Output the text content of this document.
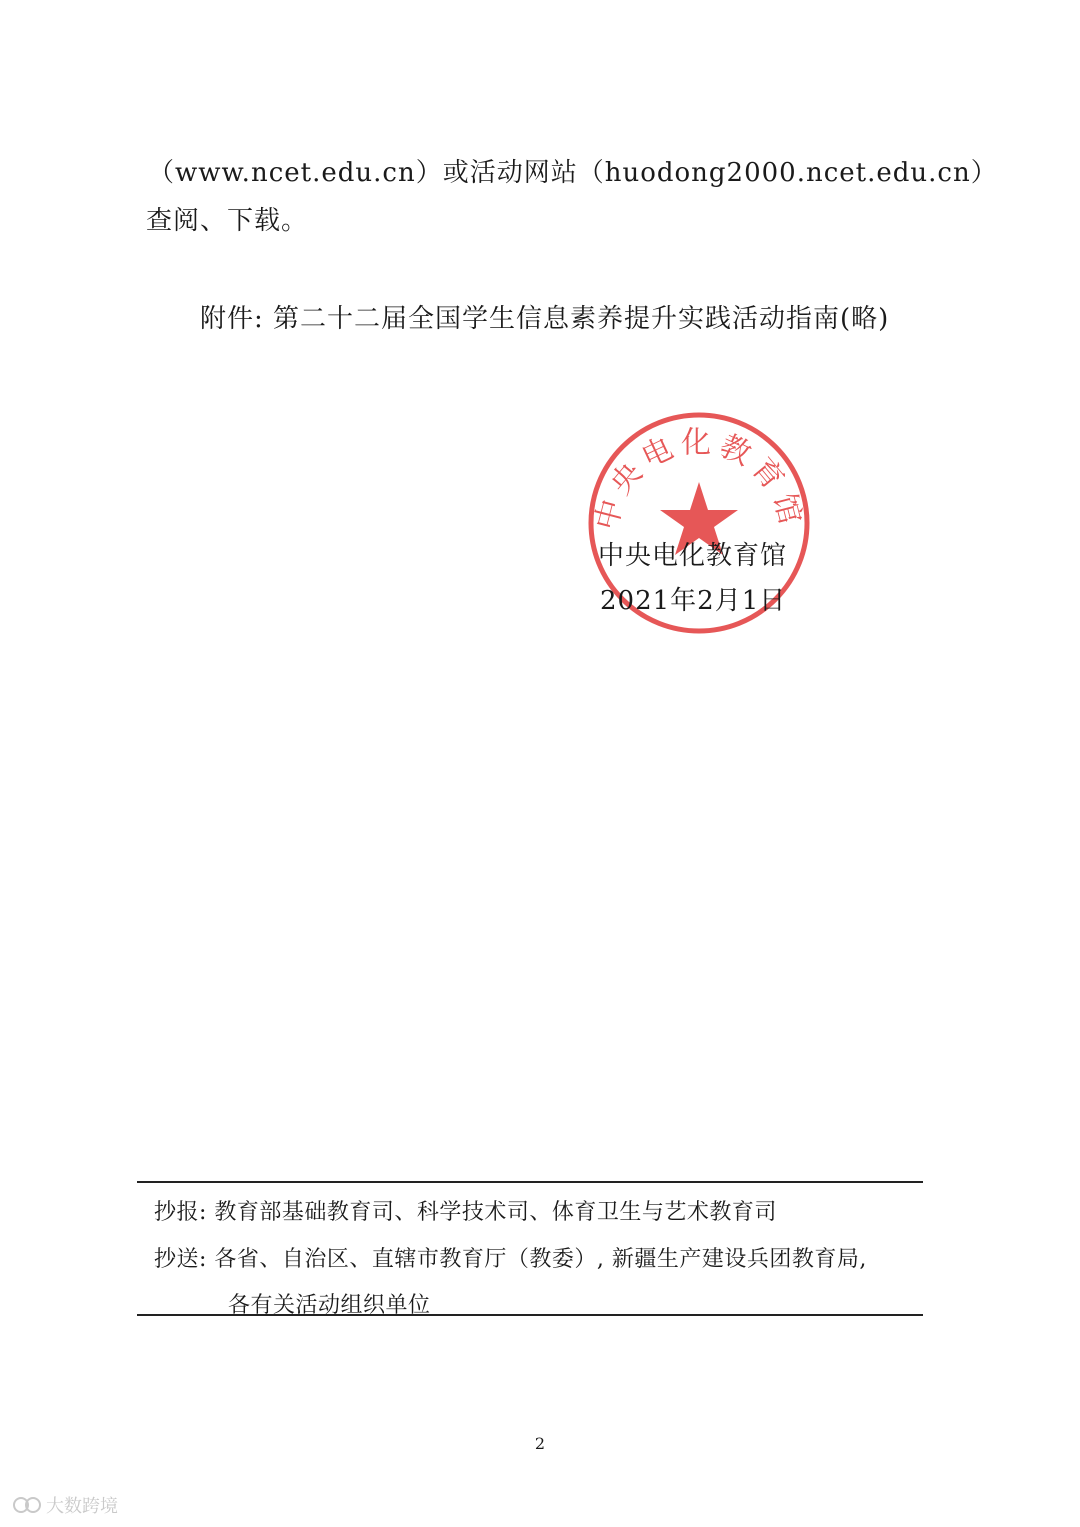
（www.ncet.edu.cn）或活动网站（huodong2000.ncet.edu.cn）
查阅、下载。
附件: 第二十二届全国学生信息素养提升实践活动指南(略)
中央电化教育馆
中央电化教育馆
2021年2月1日
抄报: 教育部基础教育司、科学技术司、体育卫生与艺术教育司
抄送: 各省、自治区、直辖市教育厅（教委）, 新疆生产建设兵团教育局,
各有关活动组织单位
2
大数跨境
